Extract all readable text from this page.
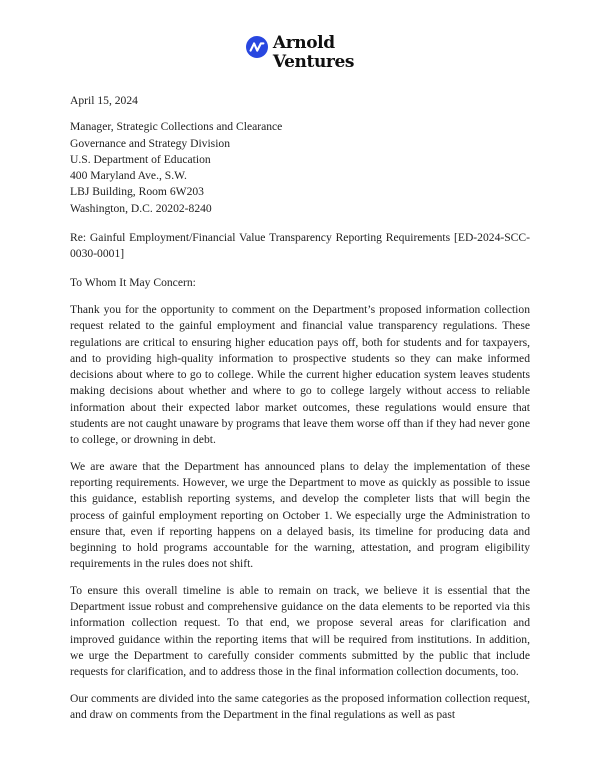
Arnold
Ventures
April 15, 2024
Manager, Strategic Collections and Clearance
Governance and Strategy Division
U.S. Department of Education
400 Maryland Ave., S.W.
LBJ Building, Room 6W203
Washington, D.C. 20202-8240
Re: Gainful Employment/Financial Value Transparency Reporting Requirements [ED-2024-SCC-0030-0001]
To Whom It May Concern:

Thank you for the opportunity to comment on the Department’s proposed information collection request related to the gainful employment and financial value transparency regulations. These regulations are critical to ensuring higher education pays off, both for students and for taxpayers, and to providing high-quality information to prospective students so they can make informed decisions about where to go to college. While the current higher education system leaves students making decisions about whether and where to go to college largely without access to reliable information about their expected labor market outcomes, these regulations would ensure that students are not caught unaware by programs that leave them worse off than if they had never gone to college, or drowning in debt.

We are aware that the Department has announced plans to delay the implementation of these reporting requirements. However, we urge the Department to move as quickly as possible to issue this guidance, establish reporting systems, and develop the completer lists that will begin the process of gainful employment reporting on October 1. We especially urge the Administration to ensure that, even if reporting happens on a delayed basis, its timeline for producing data and beginning to hold programs accountable for the warning, attestation, and program eligibility requirements in the rules does not shift.

To ensure this overall timeline is able to remain on track, we believe it is essential that the Department issue robust and comprehensive guidance on the data elements to be reported via this information collection request. To that end, we propose several areas for clarification and improved guidance within the reporting items that will be required from institutions. In addition, we urge the Department to carefully consider comments submitted by the public that include requests for clarification, and to address those in the final information collection documents, too.

Our comments are divided into the same categories as the proposed information collection request, and draw on comments from the Department in the final regulations as well as past
